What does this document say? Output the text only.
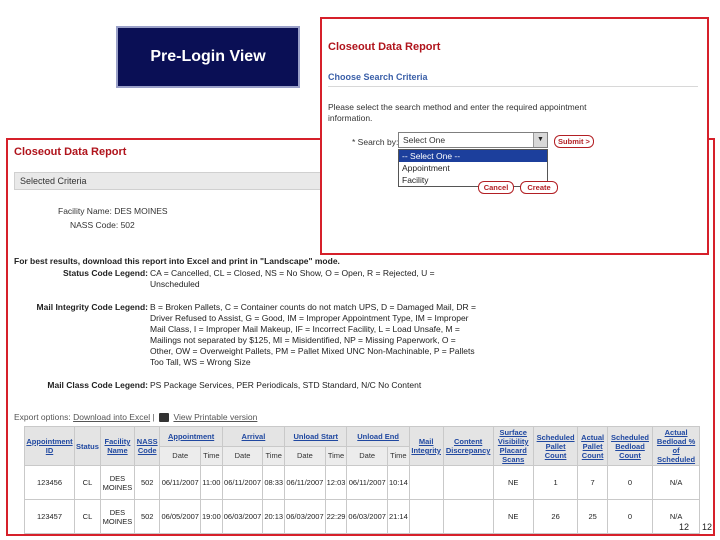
Pre-Login View
Closeout Data Report
Selected Criteria
Facility Name: DES MOINES
NASS Code: 502
For best results, download this report into Excel and print in "Landscape" mode.
Status Code Legend: CA = Cancelled, CL = Closed, NS = No Show, O = Open, R = Rejected, U = Unscheduled
Mail Integrity Code Legend: B = Broken Pallets, C = Container counts do not match UPS, D = Damaged Mail, DR = Driver Refused to Assist, G = Good, IM = Improper Appointment Type, IM = Improper Mail Class, I = Improper Mail Makeup, IF = Incorrect Facility, L = Load Unsafe, M = Mailings not separated by $125, MI = Misidentified, NP = Missing Paperwork, O = Other, OW = Overweight Pallets, PM = Pallet Mixed UNC Non-Machinable, P = Pallets Too Tall, WS = Wrong Size
Mail Class Code Legend: PS Package Services, PER Periodicals, STD Standard, N/C No Content
Export options: Download into Excel | View Printable version
Appointment ID	Status	Facility Name	NASS Code	Appointment		Arrival		Unload Start		Unload End		Mail Integrity	Content Discrepancy	Surface Visibility Placard Scans	Scheduled Pallet Count	Actual Pallet Count	Scheduled Bedload Count	Actual Bedload % of Scheduled
				Date	Time	Date	Time	Date	Time	Date	Time							
123456	CL	DES MOINES	502	06/11/2007	11:00	06/11/2007	08:33	06/11/2007	12:03	06/11/2007	10:14			NE	1	7	0	N/A
123457	CL	DES MOINES	502	06/05/2007	19:00	06/03/2007	20:13	06/03/2007	22:29	06/03/2007	21:14			NE	26	25	0	N/A
12 12
Closeout Data Report
Choose Search Criteria
Please select the search method and enter the required appointment information.
* Search by: Select One	▼
-- Select One --
Appointment
Facility
Submit >
Cancel	Create
